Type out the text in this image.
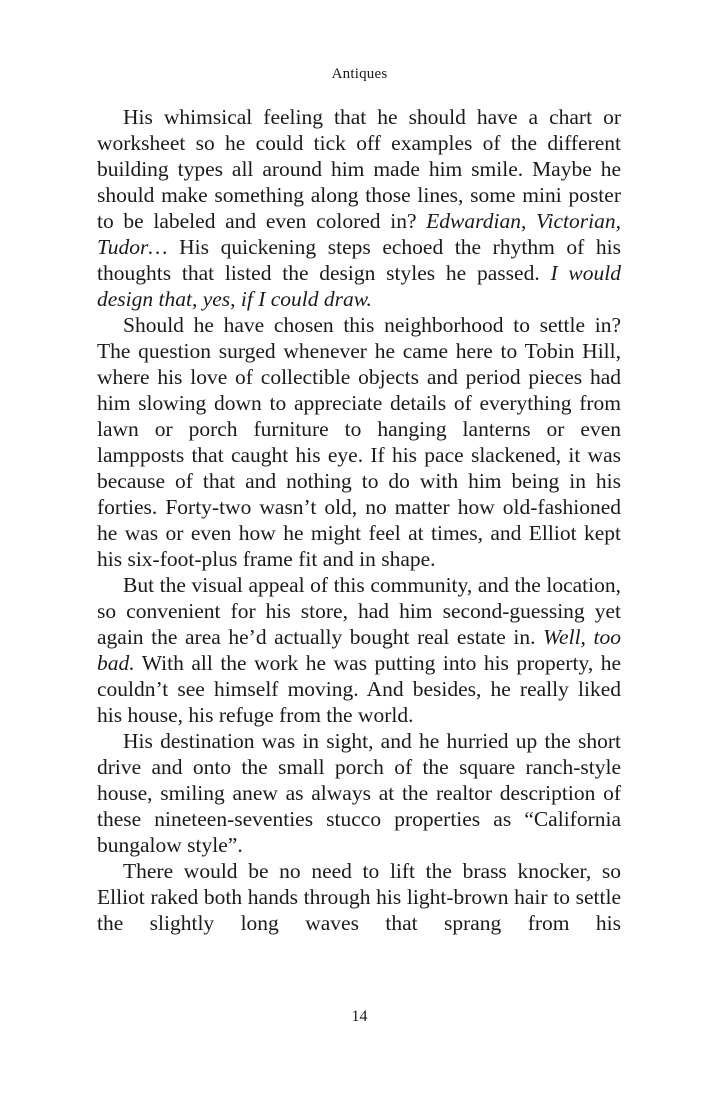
Antiques

His whimsical feeling that he should have a chart or worksheet so he could tick off examples of the different building types all around him made him smile. Maybe he should make something along those lines, some mini poster to be labeled and even colored in? Edwardian, Victorian, Tudor… His quickening steps echoed the rhythm of his thoughts that listed the design styles he passed. I would design that, yes, if I could draw.

Should he have chosen this neighborhood to settle in? The question surged whenever he came here to Tobin Hill, where his love of collectible objects and period pieces had him slowing down to appreciate details of everything from lawn or porch furniture to hanging lanterns or even lampposts that caught his eye. If his pace slackened, it was because of that and nothing to do with him being in his forties. Forty-two wasn’t old, no matter how old-fashioned he was or even how he might feel at times, and Elliot kept his six-foot-plus frame fit and in shape.

But the visual appeal of this community, and the location, so convenient for his store, had him second-guessing yet again the area he’d actually bought real estate in. Well, too bad. With all the work he was putting into his property, he couldn’t see himself moving. And besides, he really liked his house, his refuge from the world.

His destination was in sight, and he hurried up the short drive and onto the small porch of the square ranch-style house, smiling anew as always at the realtor description of these nineteen-seventies stucco properties as “California bungalow style”.

There would be no need to lift the brass knocker, so Elliot raked both hands through his light-brown hair to settle the slightly long waves that sprang from his

14
